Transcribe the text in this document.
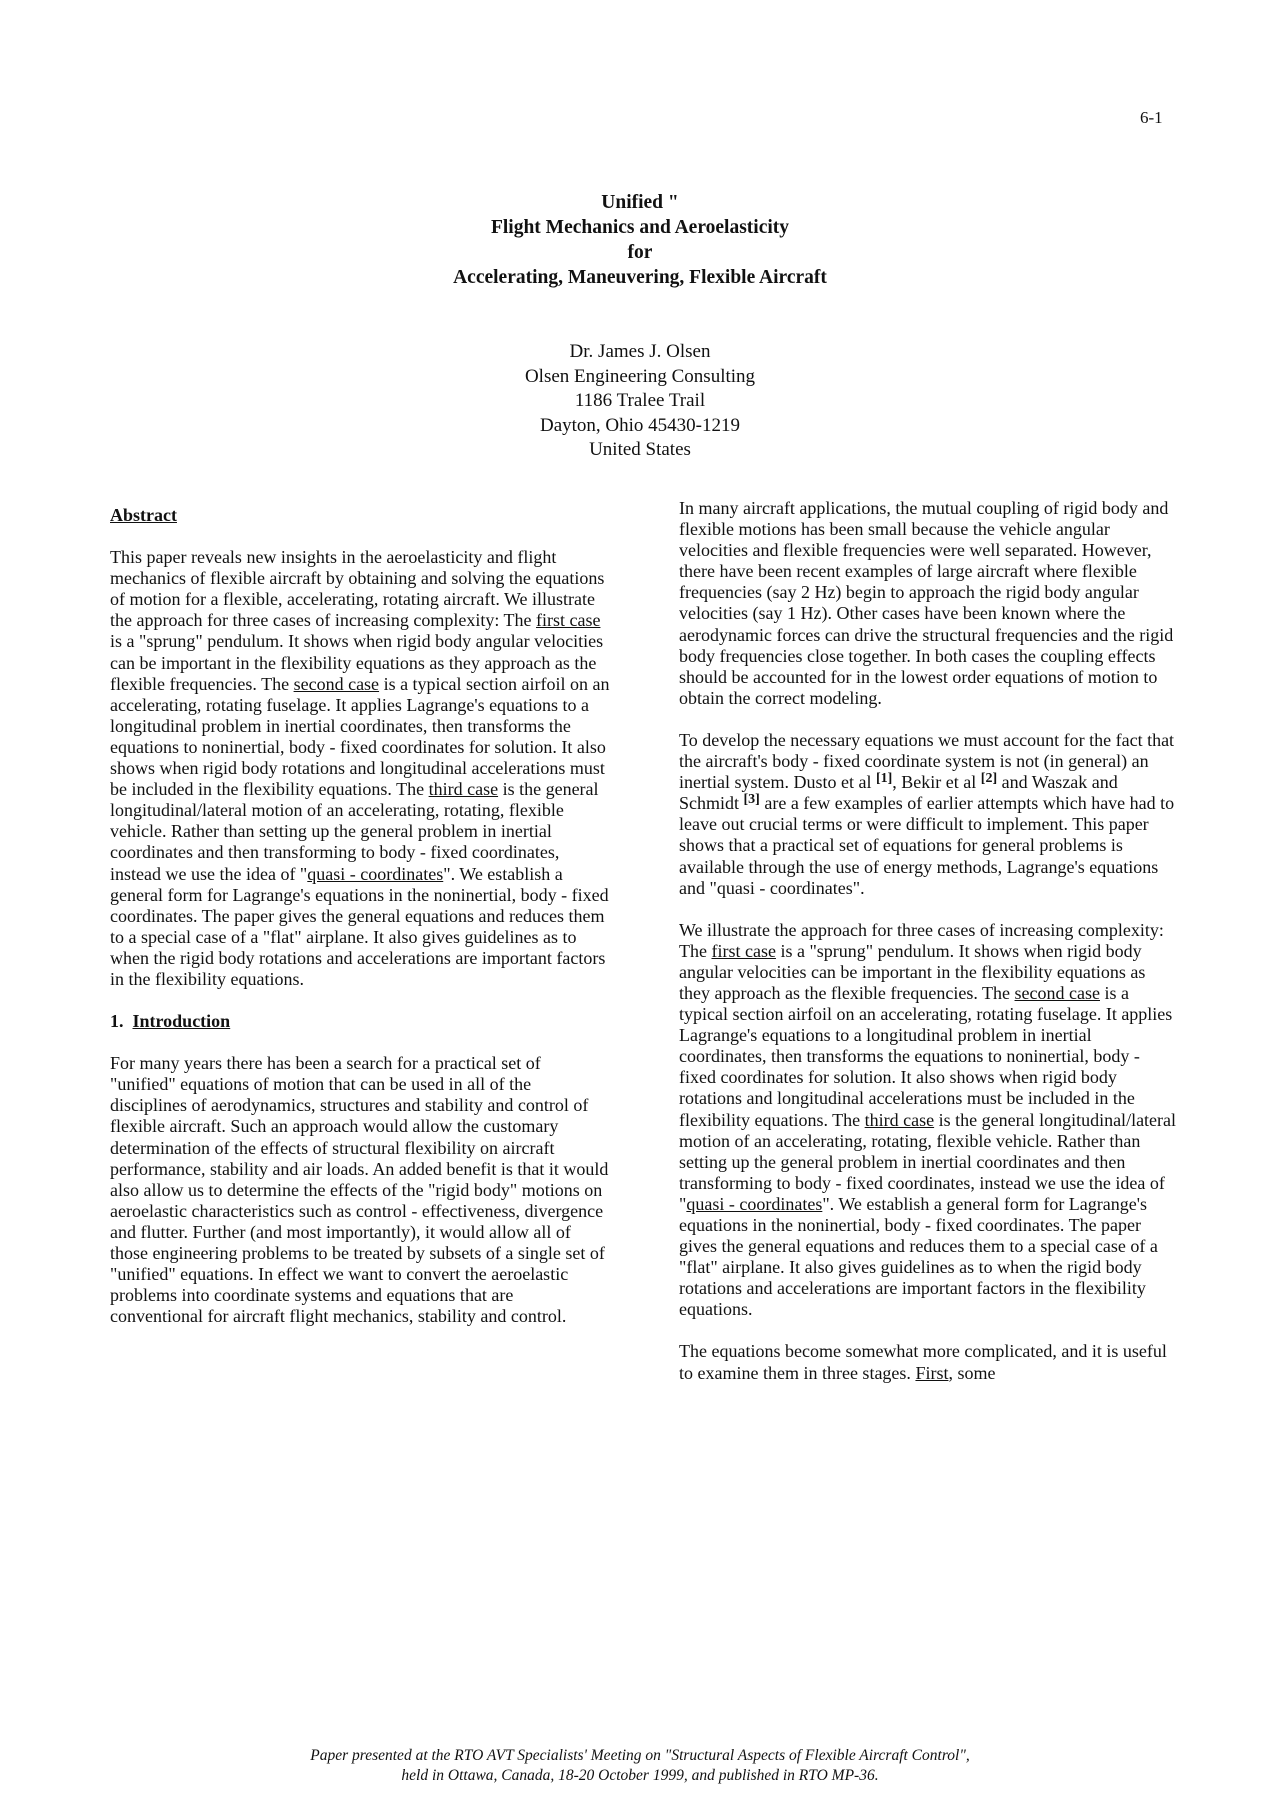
6-1
Unified "
Flight Mechanics and Aeroelasticity
for
Accelerating, Maneuvering, Flexible Aircraft
Dr. James J. Olsen
Olsen Engineering Consulting
1186 Tralee Trail
Dayton, Ohio 45430-1219
United States
Abstract

This paper reveals new insights in the aeroelasticity and flight mechanics of flexible aircraft by obtaining and solving the equations of motion for a flexible, accelerating, rotating aircraft. We illustrate the approach for three cases of increasing complexity: The first case is a "sprung" pendulum. It shows when rigid body angular velocities can be important in the flexibility equations as they approach as the flexible frequencies. The second case is a typical section airfoil on an accelerating, rotating fuselage. It applies Lagrange's equations to a longitudinal problem in inertial coordinates, then transforms the equations to noninertial, body - fixed coordinates for solution. It also shows when rigid body rotations and longitudinal accelerations must be included in the flexibility equations. The third case is the general longitudinal/lateral motion of an accelerating, rotating, flexible vehicle. Rather than setting up the general problem in inertial coordinates and then transforming to body - fixed coordinates, instead we use the idea of "quasi - coordinates". We establish a general form for Lagrange's equations in the noninertial, body - fixed coordinates. The paper gives the general equations and reduces them to a special case of a "flat" airplane. It also gives guidelines as to when the rigid body rotations and accelerations are important factors in the flexibility equations.

1. Introduction

For many years there has been a search for a practical set of "unified" equations of motion that can be used in all of the disciplines of aerodynamics, structures and stability and control of flexible aircraft. Such an approach would allow the customary determination of the effects of structural flexibility on aircraft performance, stability and air loads. An added benefit is that it would also allow us to determine the effects of the "rigid body" motions on aeroelastic characteristics such as control - effectiveness, divergence and flutter. Further (and most importantly), it would allow all of those engineering problems to be treated by subsets of a single set of "unified" equations. In effect we want to convert the aeroelastic problems into coordinate systems and equations that are conventional for aircraft flight mechanics, stability and control.

In many aircraft applications, the mutual coupling of rigid body and flexible motions has been small because the vehicle angular velocities and flexible frequencies were well separated. However, there have been recent examples of large aircraft where flexible frequencies (say 2 Hz) begin to approach the rigid body angular velocities (say 1 Hz). Other cases have been known where the aerodynamic forces can drive the structural frequencies and the rigid body frequencies close together. In both cases the coupling effects should be accounted for in the lowest order equations of motion to obtain the correct modeling.

To develop the necessary equations we must account for the fact that the aircraft's body - fixed coordinate system is not (in general) an inertial system. Dusto et al [1], Bekir et al [2] and Waszak and Schmidt [3] are a few examples of earlier attempts which have had to leave out crucial terms or were difficult to implement. This paper shows that a practical set of equations for general problems is available through the use of energy methods, Lagrange's equations and "quasi - coordinates".

We illustrate the approach for three cases of increasing complexity: The first case is a "sprung" pendulum. It shows when rigid body angular velocities can be important in the flexibility equations as they approach as the flexible frequencies. The second case is a typical section airfoil on an accelerating, rotating fuselage. It applies Lagrange's equations to a longitudinal problem in inertial coordinates, then transforms the equations to noninertial, body - fixed coordinates for solution. It also shows when rigid body rotations and longitudinal accelerations must be included in the flexibility equations. The third case is the general longitudinal/lateral motion of an accelerating, rotating, flexible vehicle. Rather than setting up the general problem in inertial coordinates and then transforming to body - fixed coordinates, instead we use the idea of "quasi - coordinates". We establish a general form for Lagrange's equations in the noninertial, body - fixed coordinates. The paper gives the general equations and reduces them to a special case of a "flat" airplane. It also gives guidelines as to when the rigid body rotations and accelerations are important factors in the flexibility equations.

The equations become somewhat more complicated, and it is useful to examine them in three stages. First, some

Paper presented at the RTO AVT Specialists' Meeting on "Structural Aspects of Flexible Aircraft Control",
held in Ottawa, Canada, 18-20 October 1999, and published in RTO MP-36.
